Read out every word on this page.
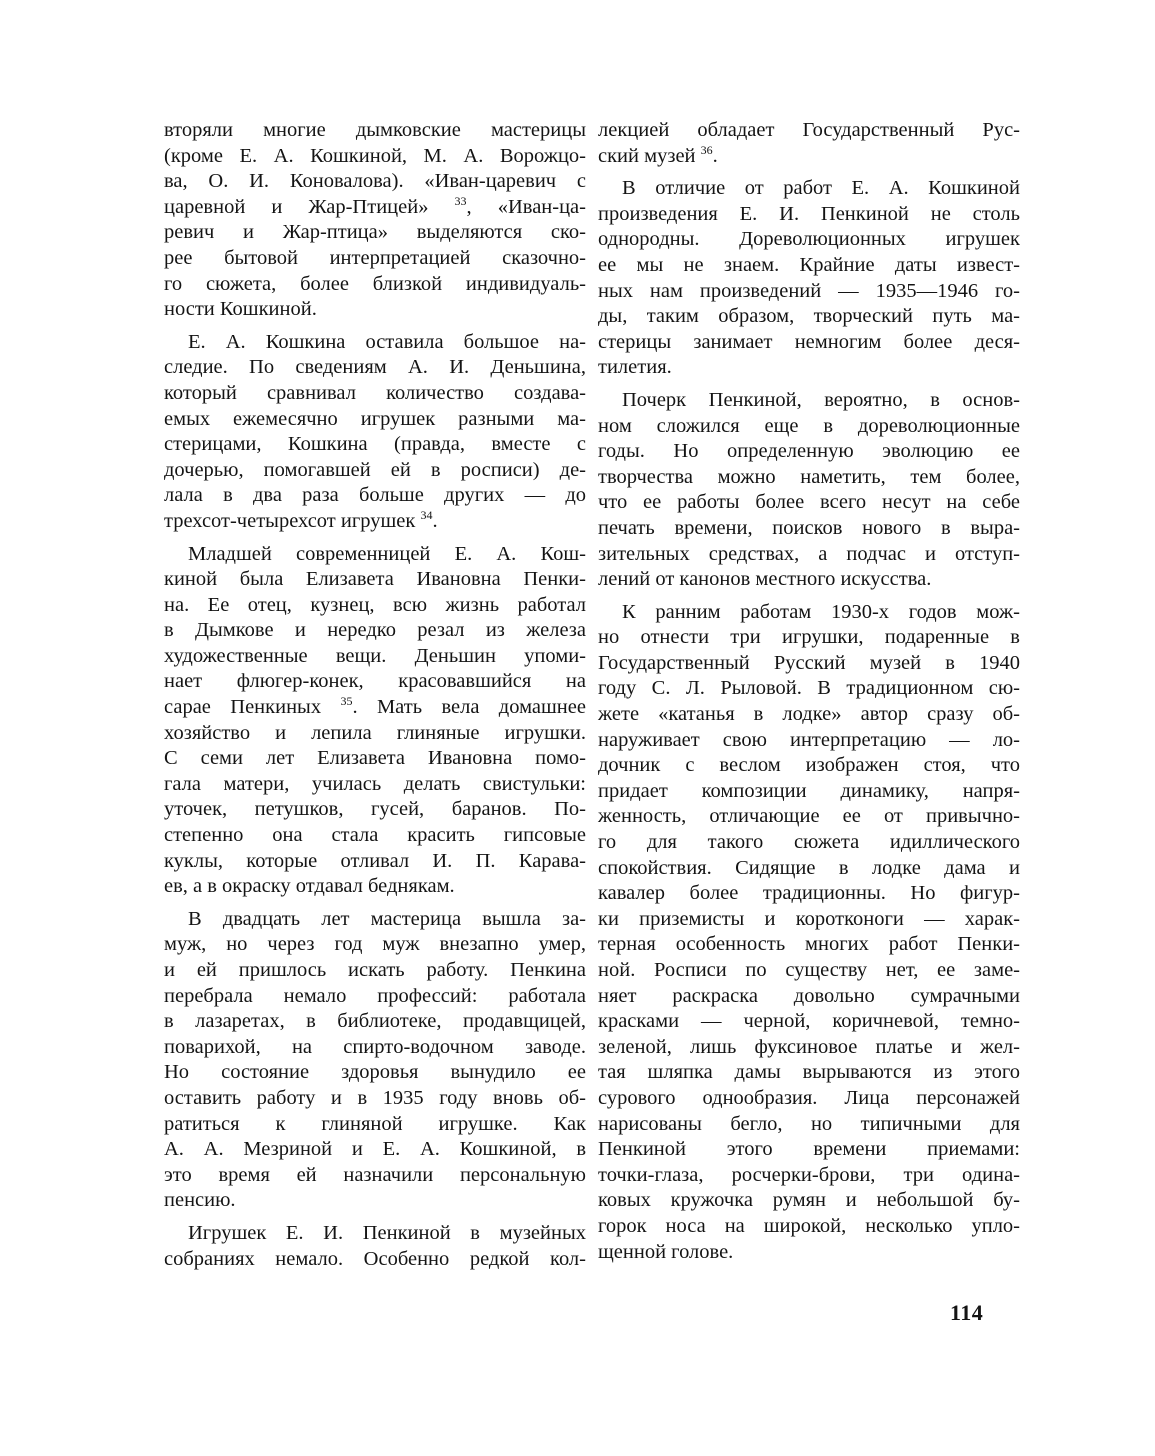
вторяли многие дымковские мастерицы
(кроме Е. А. Кошкиной, М. А. Ворожцо-
ва, О. И. Коновалова). «Иван-царевич с
царевной и Жар-Птицей» $^{33}$, «Иван-ца-
ревич и Жар-птица» выделяются ско-
рее бытовой интерпретацией сказочно-
го сюжета, более близкой индивидуаль-
ности Кошкиной.
Е. А. Кошкина оставила большое на-
следие. По сведениям А. И. Деньшина,
который сравнивал количество создава-
емых ежемесячно игрушек разными ма-
стерицами, Кошкина (правда, вместе с
дочерью, помогавшей ей в росписи) де-
лала в два раза больше других — до
трехсот-четырехсот игрушек $^{34}$.
Младшей современницей Е. А. Кош-
киной была Елизавета Ивановна Пенки-
на. Ее отец, кузнец, всю жизнь работал
в Дымкове и нередко резал из железа
художественные вещи. Деньшин упоми-
нает флюгер-конек, красовавшийся на
сарае Пенкиных $^{35}$. Мать вела домашнее
хозяйство и лепила глиняные игрушки.
С семи лет Елизавета Ивановна помо-
гала матери, училась делать свистульки:
уточек, петушков, гусей, баранов. По-
степенно она стала красить гипсовые
куклы, которые отливал И. П. Карава-
ев, а в окраску отдавал беднякам.
В двадцать лет мастерица вышла за-
муж, но через год муж внезапно умер,
и ей пришлось искать работу. Пенкина
перебрала немало профессий: работала
в лазаретах, в библиотеке, продавщицей,
поварихой, на спиртo-водочном заводе.
Но состояние здоровья вынудило ее
оставить работу и в 1935 году вновь об-
ратиться к глиняной игрушке. Как
А. А. Мезриной и Е. А. Кошкиной, в
это время ей назначили персональную
пенсию.
Игрушек Е. И. Пенкиной в музейных
собраниях немало. Особенно редкой кол-
лекцией обладает Государственный Рус-
ский музей $^{36}$.
В отличие от работ Е. А. Кошкиной
произведения Е. И. Пенкиной не столь
однородны. Дореволюционных игрушек
ее мы не знаем. Крайние даты извест-
ных нам произведений — 1935—1946 го-
ды, таким образом, творческий путь ма-
стерицы занимает немногим более деся-
тилетия.
Почерк Пенкиной, вероятно, в основ-
ном сложился еще в дореволюционные
годы. Но определенную эволюцию ее
творчества можно наметить, тем более,
что ее работы более всего несут на себе
печать времени, поисков нового в выра-
зительных средствах, а подчас и отступ-
лений от канонов местного искусства.
К ранним работам 1930-х годов мож-
но отнести три игрушки, подаренные в
Государственный Русский музей в 1940
году С. Л. Рыловой. В традиционном сю-
жете «катанья в лодке» автор сразу об-
наруживает свою интерпретацию — ло-
дочник с веслом изображен стоя, что
придает композиции динамику, напря-
женность, отличающие ее от привычно-
го для такого сюжета идиллического
спокойствия. Сидящие в лодке дама и
кавалер более традиционны. Но фигур-
ки приземисты и коротконоги — харак-
терная особенность многих работ Пенки-
ной. Росписи по существу нет, ее заме-
няет раскраска довольно сумрачными
красками — черной, коричневой, темно-
зеленой, лишь фуксиновое платье и жел-
тая шляпка дамы вырываются из этого
сурового однообразия. Лица персонажей
нарисованы бегло, но типичными для
Пенкиной этого времени приемами:
точки-глаза, росчерки-брови, три одина-
ковых кружочка румян и небольшой бу-
горок носа на широкой, несколько упло-
щенной голове.
114
